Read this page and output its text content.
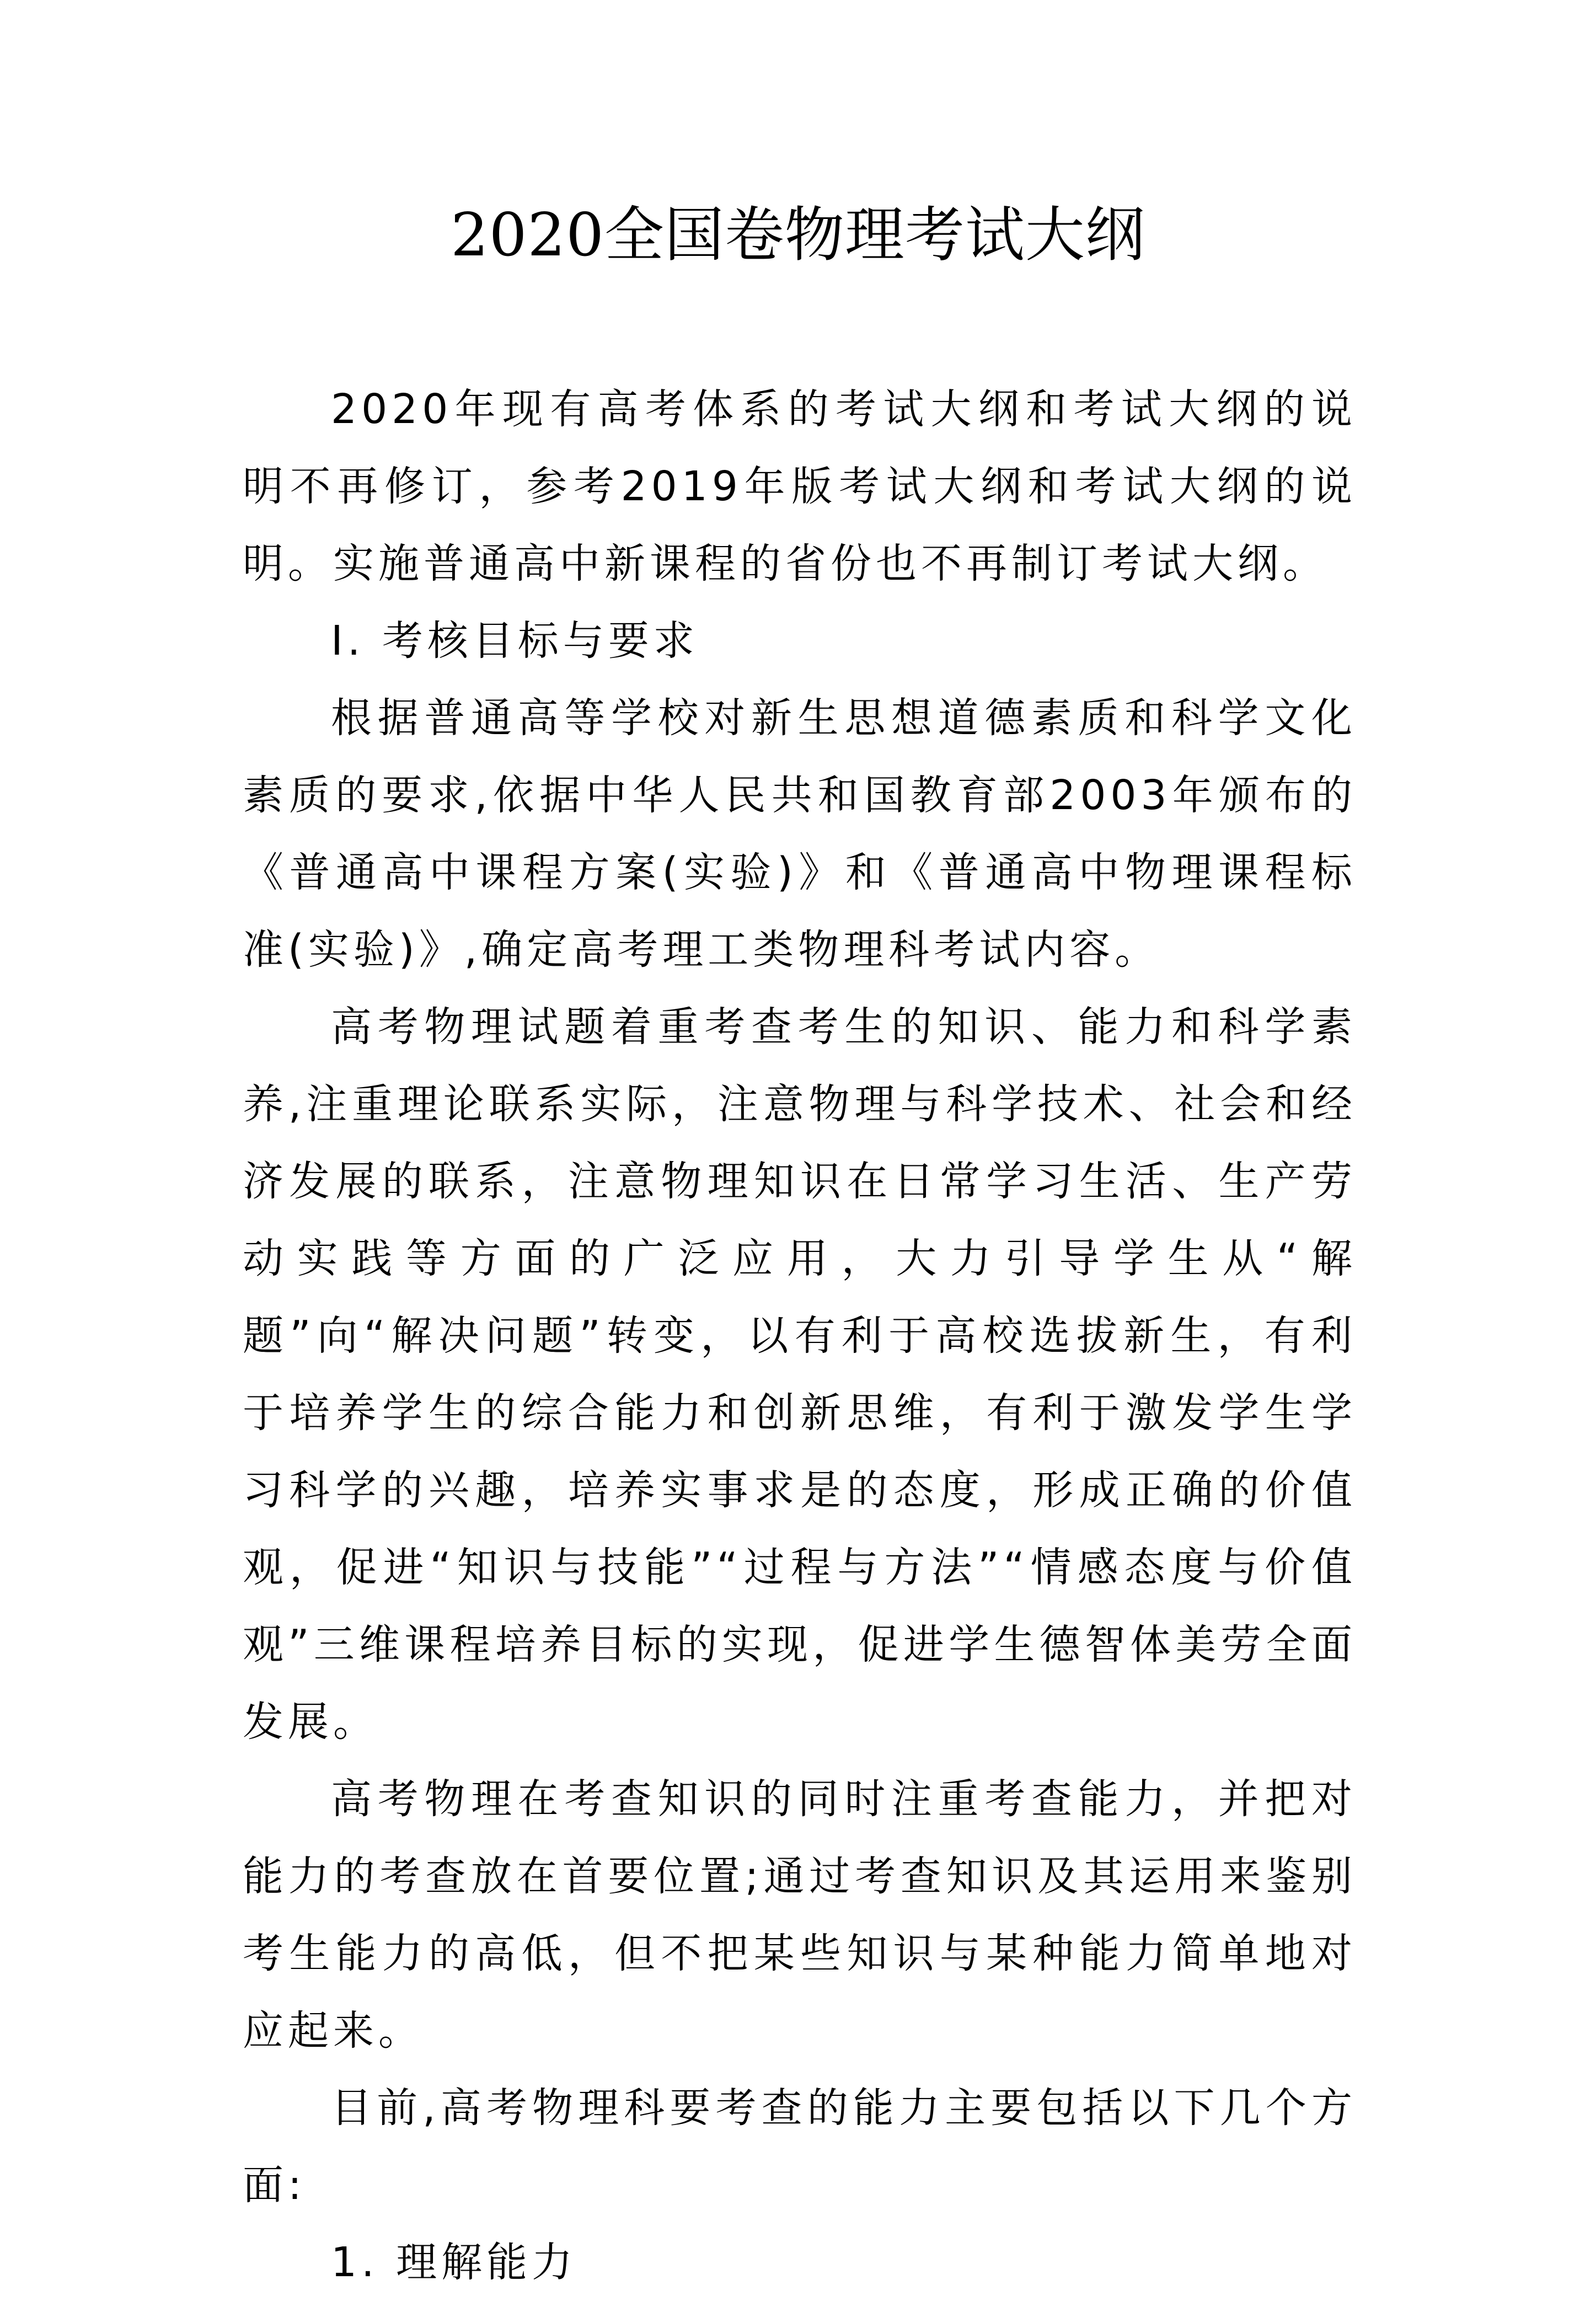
2020全国卷物理考试大纲

2020年现有高考体系的考试大纲和考试大纲的说明不再修订，参考2019年版考试大纲和考试大纲的说明。实施普通高中新课程的省份也不再制订考试大纲。

Ⅰ. 考核目标与要求

根据普通高等学校对新生思想道德素质和科学文化素质的要求,依据中华人民共和国教育部2003年颁布的《普通高中课程方案(实验)》和《普通高中物理课程标准(实验)》,确定高考理工类物理科考试内容。

高考物理试题着重考查考生的知识、能力和科学素养,注重理论联系实际，注意物理与科学技术、社会和经济发展的联系，注意物理知识在日常学习生活、生产劳动实践等方面的广泛应用，大力引导学生从“解题”向“解决问题”转变，以有利于高校选拔新生，有利于培养学生的综合能力和创新思维，有利于激发学生学习科学的兴趣，培养实事求是的态度，形成正确的价值观，促进“知识与技能”“过程与方法”“情感态度与价值观”三维课程培养目标的实现，促进学生德智体美劳全面发展。

高考物理在考查知识的同时注重考查能力，并把对能力的考查放在首要位置;通过考查知识及其运用来鉴别考生能力的高低，但不把某些知识与某种能力简单地对应起来。

目前,高考物理科要考查的能力主要包括以下几个方面:

1. 理解能力
